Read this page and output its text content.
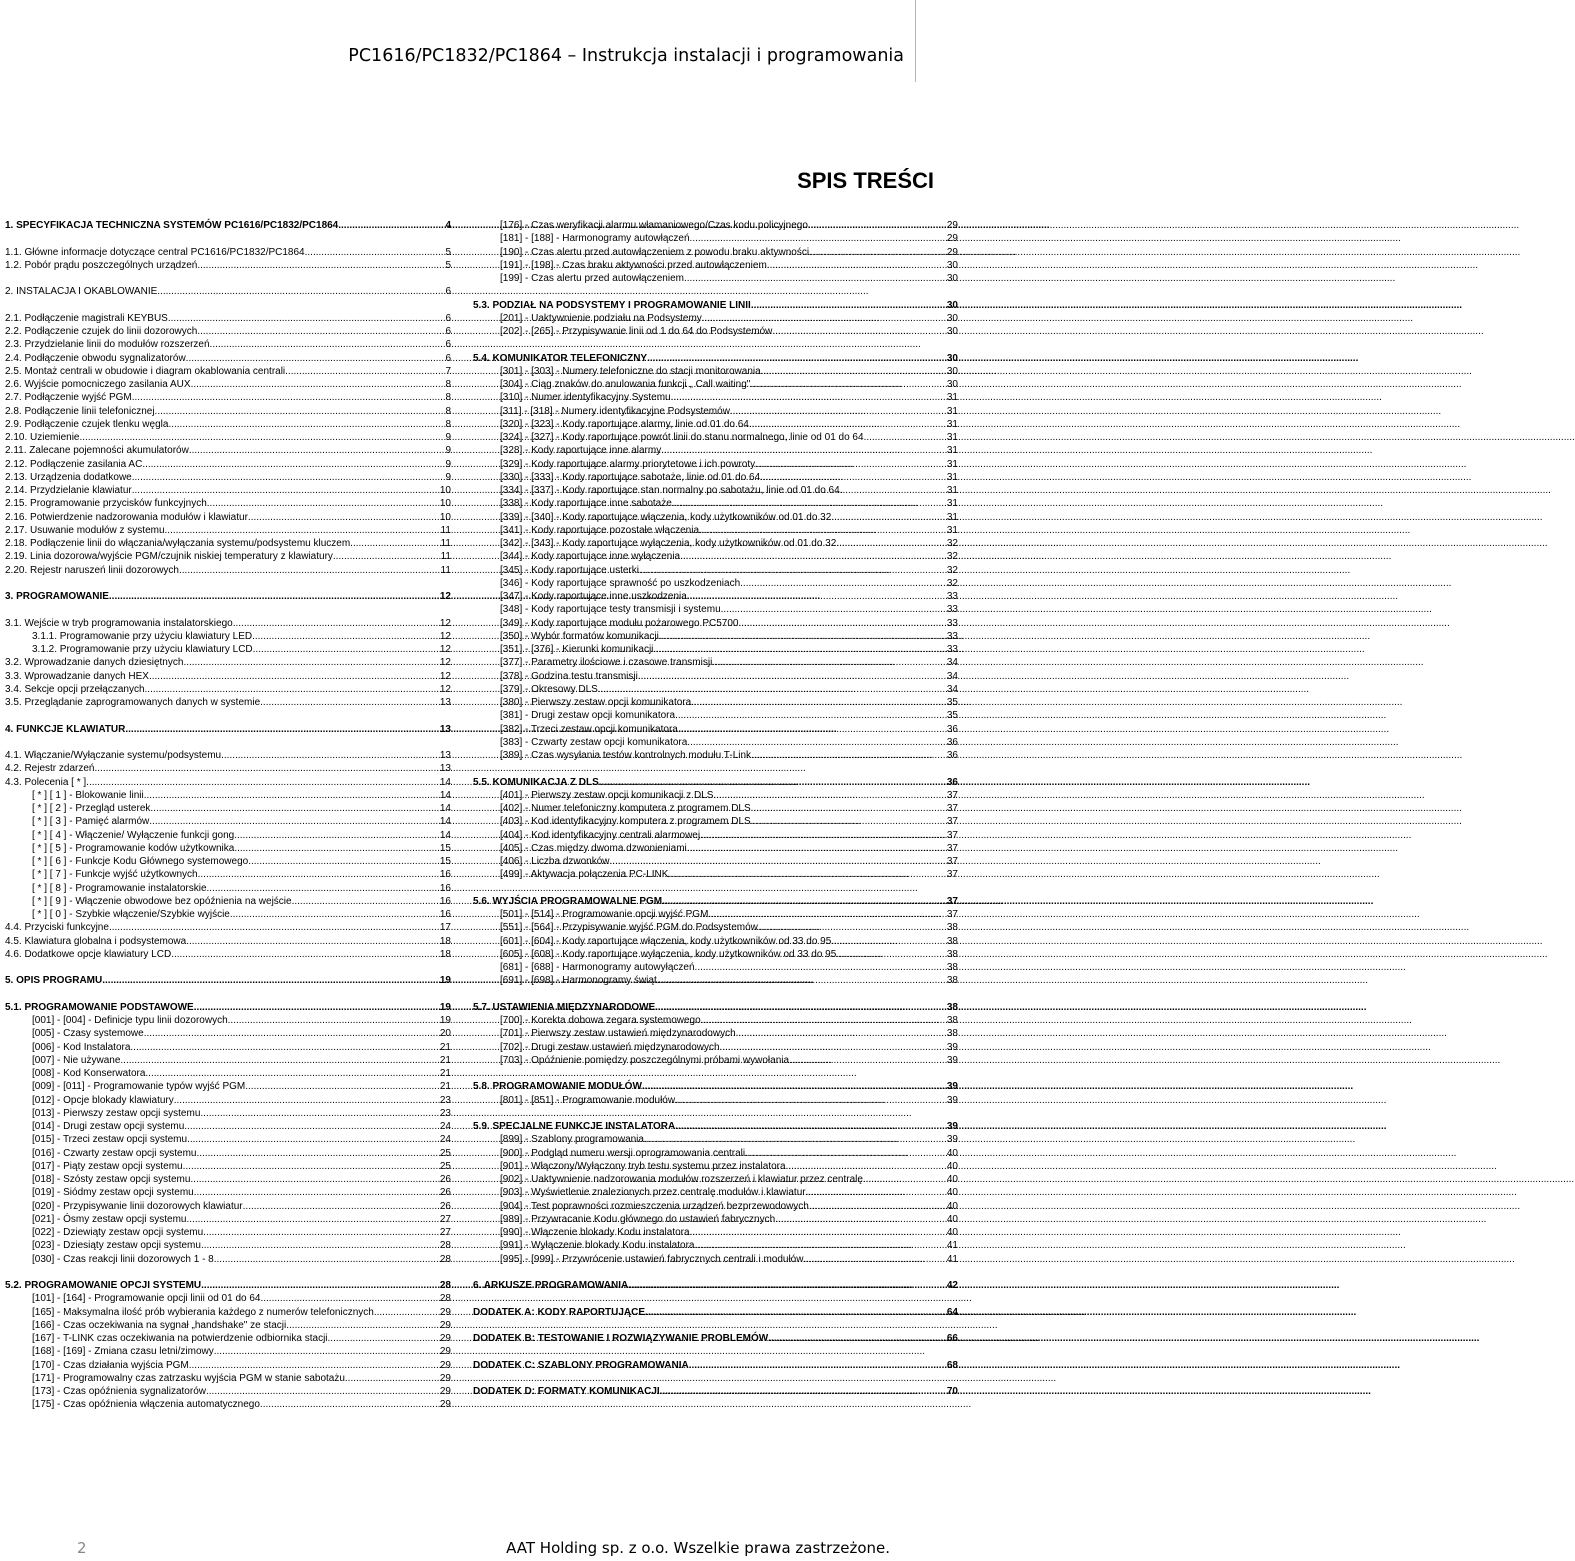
PC1616/PC1832/PC1864 – Instrukcja instalacji i programowania
SPIS TREŚCI
1. SPECYFIKACJA TECHNICZNA SYSTEMÓW PC1616/PC1832/PC1864 .....	4
1.1. Główne informacje dotyczące central PC1616/PC1832/PC1864 .....	5
1.2. Pobór prądu poszczególnych urządzeń .....	5
2. INSTALACJA I OKABLOWANIE .....	6
2.1. Podłączenie magistrali KEYBUS .....	6
2.2. Podłączenie czujek do linii dozorowych .....	6
2.3. Przydzielanie linii do modułów rozszerzeń .....	6
2.4. Podłączenie obwodu sygnalizatorów .....	6
2.5. Montaż centrali w obudowie i diagram okablowania centrali .....	7
2.6. Wyjście pomocniczego zasilania AUX .....	8
2.7. Podłączenie wyjść PGM .....	8
2.8. Podłączenie linii telefonicznej .....	8
2.9. Podłączenie czujek tlenku węgla .....	8
2.10. Uziemienie .....	9
2.11. Zalecane pojemności akumulatorów .....	9
2.12. Podłączenie zasilania AC .....	9
2.13. Urządzenia dodatkowe .....	9
2.14. Przydzielanie klawiatur .....	10
2.15. Programowanie przycisków funkcyjnych .....	10
2.16. Potwierdzenie nadzorowania modułów i klawiatur .....	10
2.17. Usuwanie modułów z systemu .....	11
2.18. Podłączenie linii do włączania/wyłączania systemu/podsystemu kluczem .....	11
2.19. Linia dozorowa/wyjście PGM/czujnik niskiej temperatury z klawiatury .....	11
2.20. Rejestr naruszeń linii dozorowych .....	11
3. PROGRAMOWANIE .....	12
3.1. Wejście w tryb programowania instalatorskiego .....	12
3.1.1. Programowanie przy użyciu klawiatury LED .....	12
3.1.2. Programowanie przy użyciu klawiatury LCD .....	12
3.2. Wprowadzanie danych dziesiętnych .....	12
3.3. Wprowadzanie danych HEX .....	12
3.4. Sekcje opcji przełączanych .....	12
3.5. Przeglądanie zaprogramowanych danych w systemie .....	13
4. FUNKCJE KLAWIATUR .....	13
4.1. Włączanie/Wyłączanie systemu/podsystemu .....	13
4.2. Rejestr zdarzeń .....	13
4.3. Polecenia [ * ] .....	14
[ * ] [ 1 ] - Blokowanie linii .....	14
[ * ] [ 2 ] - Przegląd usterek .....	14
[ * ] [ 3 ] - Pamięć alarmów .....	14
[ * ] [ 4 ] - Włączenie/ Wyłączenie funkcji gong .....	14
[ * ] [ 5 ] - Programowanie kodów użytkownika .....	15
[ * ] [ 6 ] - Funkcje Kodu Głównego systemowego .....	15
[ * ] [ 7 ] - Funkcje wyjść użytkownych .....	16
[ * ] [ 8 ] - Programowanie instalatorskie .....	16
[ * ] [ 9 ] - Włączenie obwodowe bez opóźnienia na wejście .....	16
[ * ] [ 0 ] - Szybkie włączenie/Szybkie wyjście .....	16
4.4. Przyciski funkcyjne .....	17
4.5. Klawiatura globalna i podsystemowa .....	18
4.6. Dodatkowe opcje klawiatury LCD .....	18
5. OPIS PROGRAMU .....	19
5.1. PROGRAMOWANIE PODSTAWOWE .....	19
[001] - [004] - Definicje typu linii dozorowych .....	19
[005] - Czasy systemowe .....	20
[006] - Kod Instalatora .....	21
[007] - Nie używane .....	21
[008] - Kod Konserwatora .....	21
[009] - [011] - Programowanie typów wyjść PGM .....	21
[012] - Opcje blokady klawiatury .....	23
[013] - Pierwszy zestaw opcji systemu .....	23
[014] - Drugi zestaw opcji systemu .....	24
[015] - Trzeci zestaw opcji systemu .....	24
[016] - Czwarty zestaw opcji systemu .....	25
[017] - Piąty zestaw opcji systemu .....	25
[018] - Szósty zestaw opcji systemu .....	26
[019] - Siódmy zestaw opcji systemu .....	26
[020] - Przypisywanie linii dozorowych klawiatur .....	26
[021] - Ósmy zestaw opcji systemu .....	27
[022] - Dziewiąty zestaw opcji systemu .....	27
[023] - Dziesiąty zestaw opcji systemu .....	28
[030] - Czas reakcji linii dozorowych 1 - 8 .....	28
5.2. PROGRAMOWANIE OPCJI SYSTEMU .....	28
[101] - [164] - Programowanie opcji linii od 01 do 64 .....	28
[165] - Maksymalna ilość prób wybierania każdego z numerów telefonicznych .....	29
[166] - Czas oczekiwania na sygnał „handshake" ze stacji .....	29
[167] - T-LINK czas oczekiwania na potwierdzenie odbiornika stacji .....	29
[168] - [169] - Zmiana czasu letni/zimowy .....	29
[170] - Czas działania wyjścia PGM .....	29
[171] - Programowalny czas zatrzasku wyjścia PGM w stanie sabotażu .....	29
[173] - Czas opóźnienia sygnalizatorów .....	29
[175] - Czas opóźnienia włączenia automatycznego .....	29
[176] - Czas weryfikacji alarmu włamaniowego/Czas kodu policyjnego .....	29
[181] - [188] - Harmonogramy autowłączeń .....	29
[190] - Czas alertu przed autowłączeniem z powodu braku aktywności .....	29
[191] - [198] - Czas braku aktywności przed autowłączeniem .....	30
[199] - Czas alertu przed autowłączeniem .....	30
5.3. PODZIAŁ NA PODSYSTEMY I PROGRAMOWANIE LINII .....	30
[201] - Uaktywnienie podziału na Podsystemy .....	30
[202] - [265] - Przypisywanie linii od 1 do 64 do Podsystemów .....	30
5.4. KOMUNIKATOR TELEFONICZNY .....	30
[301] - [303] - Numery telefoniczne do stacji monitorowania .....	30
[304] - Ciąg znaków do anulowania funkcji „ Call waiting" .....	30
[310] - Numer identyfikacyjny Systemu .....	31
[311] - [318] - Numery identyfikacyjne Podsystemów .....	31
[320] - [323] - Kody raportujące alarmy, linie od 01 do 64 .....	31
[324] - [327] - Kody raportujące powrót linii do stanu normalnego, linie od 01 do 64 .....	31
[328] - Kody raportujące inne alarmy .....	31
[329] - Kody raportujące alarmy priorytetowe i ich powroty .....	31
[330] - [333] - Kody raportujące sabotaże, linie od 01 do 64 .....	31
[334] - [337] - Kody raportujące stan normalny po sabotażu, linie od 01 do 64 .....	31
[338] - Kody raportujące inne sabotaże .....	31
[339] - [340] - Kody raportujące włączenia, kody użytkowników od 01 do 32 .....	31
[341] - Kody raportujące pozostałe włączenia .....	31
[342] - [343] - Kody raportujące wyłączenia, kody użytkowników od 01 do 32 .....	32
[344] - Kody raportujące inne wyłączenia .....	32
[345] - Kody raportujące usterki .....	32
[346] - Kody raportujące sprawność po uszkodzeniach .....	32
[347] - Kody raportujące inne uszkodzenia .....	33
[348] - Kody raportujące testy transmisji i systemu .....	33
[349] - Kody raportujące modułu pożarowego PC5700 .....	33
[350] - Wybór formatów komunikacji .....	33
[351] - [376] - Kierunki komunikacji .....	33
[377] - Parametry ilościowe i czasowe transmisji .....	34
[378] - Godzina testu transmisji .....	34
[379] - Okresowy DLS .....	34
[380] - Pierwszy zestaw opcji komunikatora .....	35
[381] - Drugi zestaw opcji komunikatora .....	35
[382] - Trzeci zestaw opcji komunikatora .....	36
[383] - Czwarty zestaw opcji komunikatora .....	36
[389] - Czas wysyłania testów kontrolnych modułu T-Link .....	36
5.5. KOMUNIKACJA Z DLS .....	36
[401] - Pierwszy zestaw opcji komunikacji z DLS .....	37
[402] - Numer telefoniczny komputera z programem DLS .....	37
[403] - Kod identyfikacyjny komputera z programem DLS .....	37
[404] - Kod identyfikacyjny centrali alarmowej .....	37
[405] - Czas między dwoma dzwonieniami .....	37
[406] - Liczba dzwonków .....	37
[499] - Aktywacja połączenia PC-LINK .....	37
5.6. WYJŚCIA PROGRAMOWALNE PGM .....	37
[501] - [514] - Programowanie opcji wyjść PGM .....	37
[551] - [564] - Przypisywanie wyjść PGM do Podsystemów .....	38
[601] - [604] - Kody raportujące włączenia, kody użytkowników od 33 do 95 .....	38
[605] - [608] - Kody raportujące wyłączenia, kody użytkowników od 33 do 95 .....	38
[681] - [688] - Harmonogramy autowyłączeń .....	38
[691] - [698] - Harmonogramy świąt .....	38
5.7. USTAWIENIA MIĘDZYNARODOWE .....	38
[700] - Korekta dobowa zegara systemowego .....	38
[701] - Pierwszy zestaw ustawień międzynarodowych .....	38
[702] - Drugi zestaw ustawień międzynarodowych .....	39
[703] - Opóźnienie pomiędzy poszczególnymi próbami wywołania .....	39
5.8. PROGRAMOWANIE MODUŁÓW .....	39
[801] - [851] - Programowanie modułów .....	39
5.9. SPECJALNE FUNKCJE INSTALATORA .....	39
[899] - Szablony programowania .....	39
[900] - Podgląd numeru wersji oprogramowania centrali .....	40
[901] - Włączony/Wyłączony tryb testu systemu przez instalatora .....	40
[902] - Uaktywnienie nadzorowania modułów rozszerzeń i klawiatur przez centralę .....	40
[903] - Wyświetlenie znalezionych przez centralę modułów i klawiatur .....	40
[904] - Test poprawności rozmieszczenia urządzeń bezprzewodowych .....	40
[989] - Przywracanie Kodu głównego do ustawień fabrycznych .....	40
[990] - Włączenie blokady Kodu instalatora .....	40
[991] - Wyłączenie blokady Kodu instalatora .....	41
[995] - [999] - Przywrócenie ustawień fabrycznych centrali i modułów .....	41
6. ARKUSZE PROGRAMOWANIA .....	42
DODATEK A: KODY RAPORTUJĄCE .....	64
DODATEK B: TESTOWANIE I ROZWIĄZYWANIE PROBLEMÓW .....	66
DODATEK C: SZABLONY PROGRAMOWANIA .....	68
DODATEK D: FORMATY KOMUNIKACJI .....	70
2	AAT Holding sp. z o.o. Wszelkie prawa zastrzeżone.
